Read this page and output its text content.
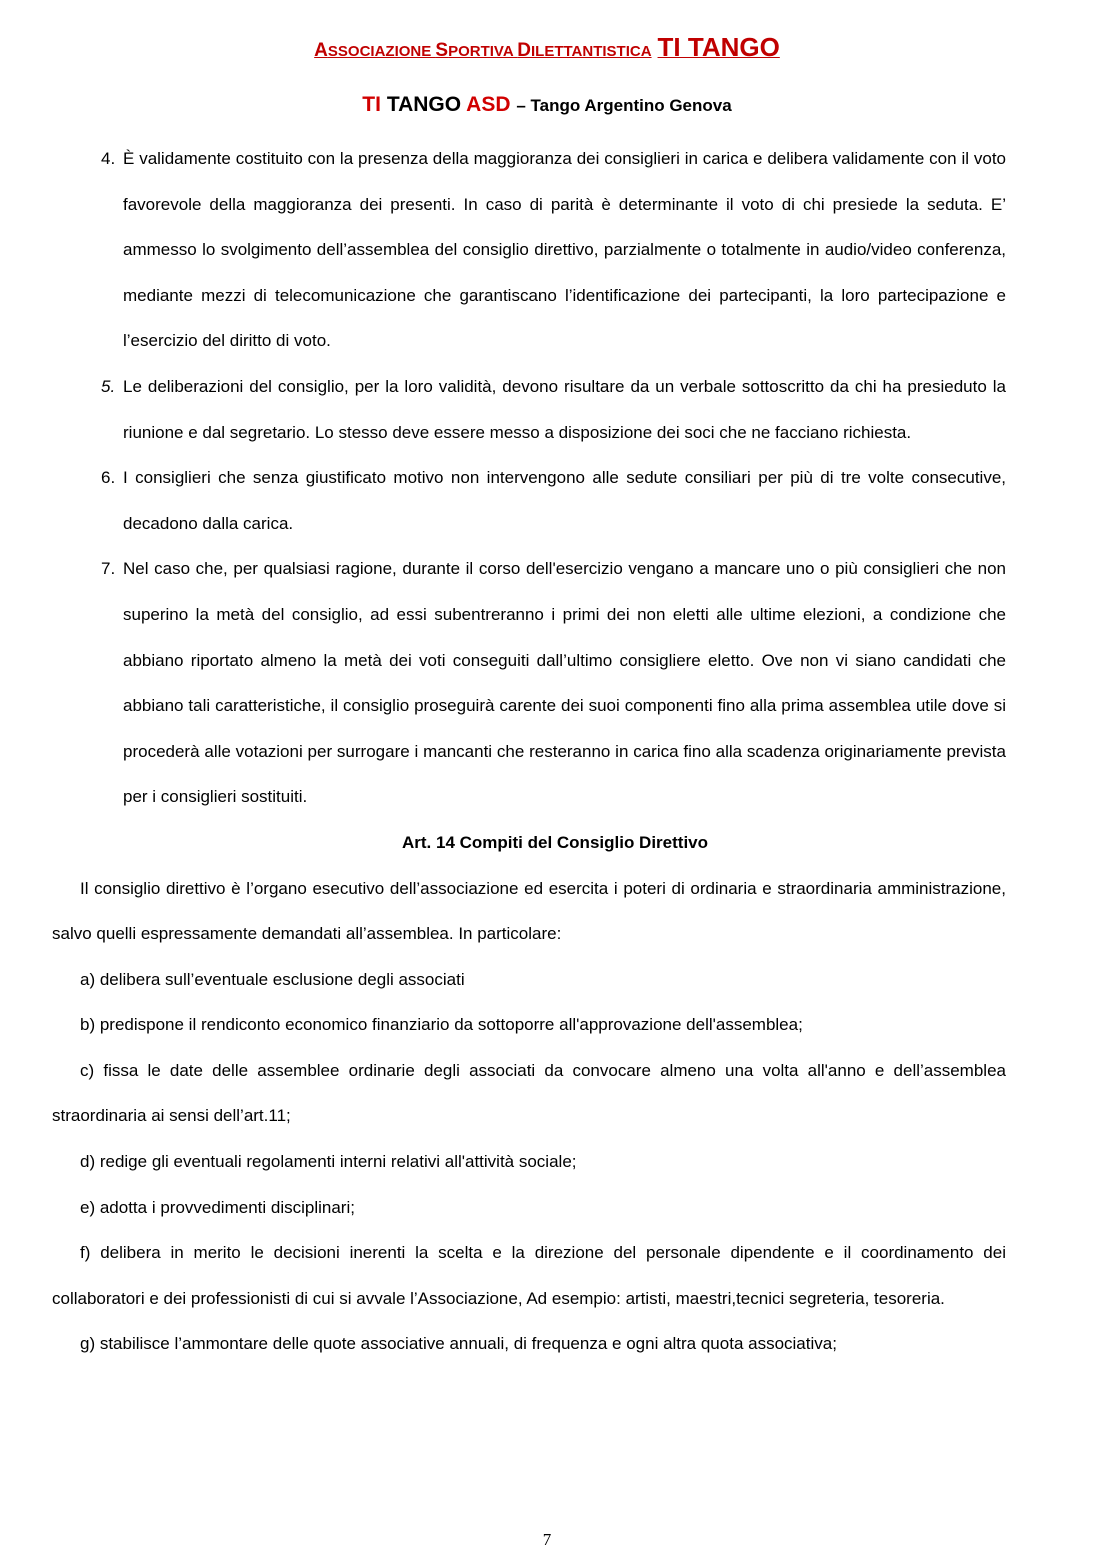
ASSOCIAZIONE SPORTIVA DILETTANTISTICA TI TANGO
TI TANGO ASD – Tango Argentino Genova
4. È validamente costituito con la presenza della maggioranza dei consiglieri in carica e delibera validamente con il voto favorevole della maggioranza dei presenti. In caso di parità è determinante il voto di chi presiede la seduta. E’ ammesso lo svolgimento dell’assemblea del consiglio direttivo, parzialmente o totalmente in audio/video conferenza, mediante mezzi di telecomunicazione che garantiscano l’identificazione dei partecipanti, la loro partecipazione e l’esercizio del diritto di voto.
5. Le deliberazioni del consiglio, per la loro validità, devono risultare da un verbale sottoscritto da chi ha presieduto la riunione e dal segretario. Lo stesso deve essere messo a disposizione dei soci che ne facciano richiesta.
6. I consiglieri che senza giustificato motivo non intervengono alle sedute consiliari per più di tre volte consecutive, decadono dalla carica.
7. Nel caso che, per qualsiasi ragione, durante il corso dell'esercizio vengano a mancare uno o più consiglieri che non superino la metà del consiglio, ad essi subentreranno i primi dei non eletti alle ultime elezioni, a condizione che abbiano riportato almeno la metà dei voti conseguiti dall’ultimo consigliere eletto. Ove non vi siano candidati che abbiano tali caratteristiche, il consiglio proseguirà carente dei suoi componenti fino alla prima assemblea utile dove si procederà alle votazioni per surrogare i mancanti che resteranno in carica fino alla scadenza originariamente prevista per i consiglieri sostituiti.
Art. 14 Compiti del Consiglio Direttivo
Il consiglio direttivo è l’organo esecutivo dell’associazione ed esercita i poteri di ordinaria e straordinaria amministrazione, salvo quelli espressamente demandati all’assemblea. In particolare:
a) delibera sull’eventuale esclusione degli associati
b) predispone il rendiconto economico finanziario da sottoporre all'approvazione dell'assemblea;
c) fissa le date delle assemblee ordinarie degli associati da convocare almeno una volta all'anno e dell’assemblea straordinaria ai sensi dell’art.11;
d) redige gli eventuali regolamenti interni relativi all'attività sociale;
e) adotta i provvedimenti disciplinari;
f) delibera in merito le decisioni inerenti la scelta e la direzione del personale dipendente e il coordinamento dei collaboratori e dei professionisti di cui si avvale l’Associazione, Ad esempio: artisti, maestri,tecnici segreteria, tesoreria.
g) stabilisce l’ammontare delle quote associative annuali, di frequenza e ogni altra quota associativa;
7
